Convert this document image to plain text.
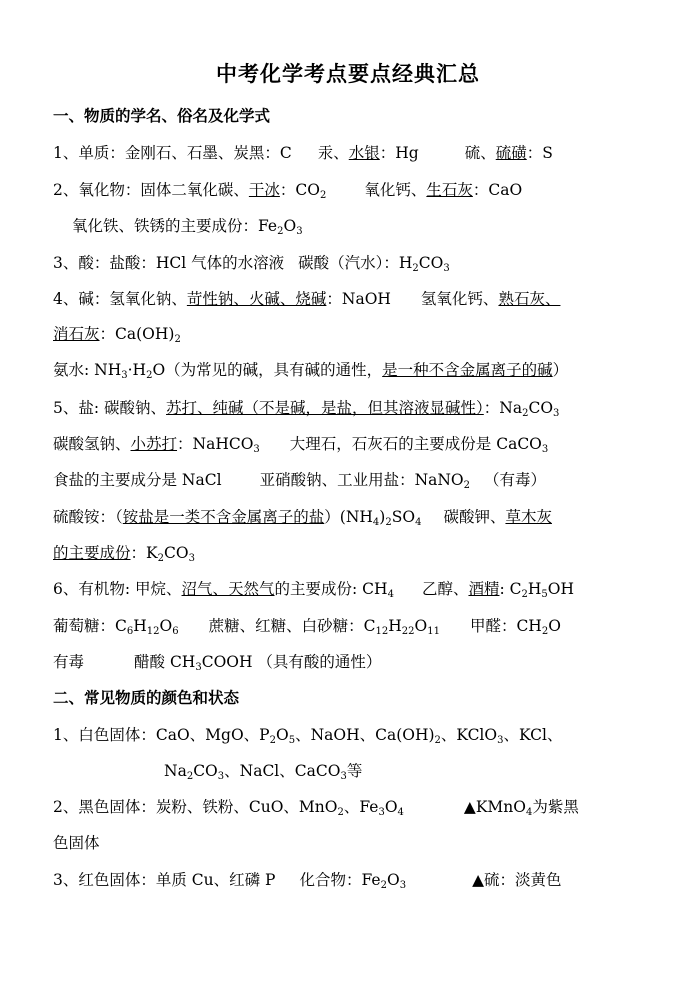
中考化学考点要点经典汇总
一、物质的学名、俗名及化学式
1、单质：金刚石、石墨、炭黑：C 汞、水银：Hg	硫、硫磺：S
2、氧化物：固体二氧化碳、干冰：$CO_2$ 氧化钙、生石灰：CaO
氧化铁、铁锈的主要成份：$Fe_2O_3$
3、酸：盐酸：HCl 气体的水溶液 碳酸（汽水）：$H_2CO_3$
4、碱：氢氧化钠、苛性钠、火碱、烧碱：NaOH 氢氧化钙、熟石灰、
消石灰：$Ca(OH)_2$
氨水: $NH_3\cdot H_2O$（为常见的碱，具有碱的通性，是一种不含金属离子的碱）
5、盐: 碳酸钠、苏打、纯碱（不是碱，是盐，但其溶液显碱性）：$Na_2CO_3$
碳酸氢钠、小苏打：NaHCO$_3$ 大理石，石灰石的主要成份是 CaCO$_3$
食盐的主要成分是 NaCl 亚硝酸钠、工业用盐：NaNO$_2$ （有毒）
硫酸铵：（铵盐是一类不含金属离子的盐）$(NH_4)_2SO_4$ 碳酸钾、草木灰
的主要成份：$K_2CO_3$
6、有机物: 甲烷、沼气、天然气的主要成份: $CH_4$ 乙醇、酒精: $C_2H_5OH$
葡萄糖：$C_6H_{12}O_6$ 蔗糖、红糖、白砂糖：$C_{12}H_{22}O_{11}$ 甲醛：$CH_2O$
有毒	醋酸 $CH_3COOH$ （具有酸的通性）
二、常见物质的颜色和状态
1、白色固体：CaO、MgO、$P_2O_5$、NaOH、$Ca(OH)_2$、KClO$_3$、KCl、
$Na_2CO_3$、NaCl、CaCO$_3$等
2、黑色固体：炭粉、铁粉、CuO、MnO$_2$、$Fe_3O_4$	▲KMnO$_4$为紫黑
色固体
3、红色固体：单质 Cu、红磷 P 化合物：$Fe_2O_3$	▲硫：淡黄色
